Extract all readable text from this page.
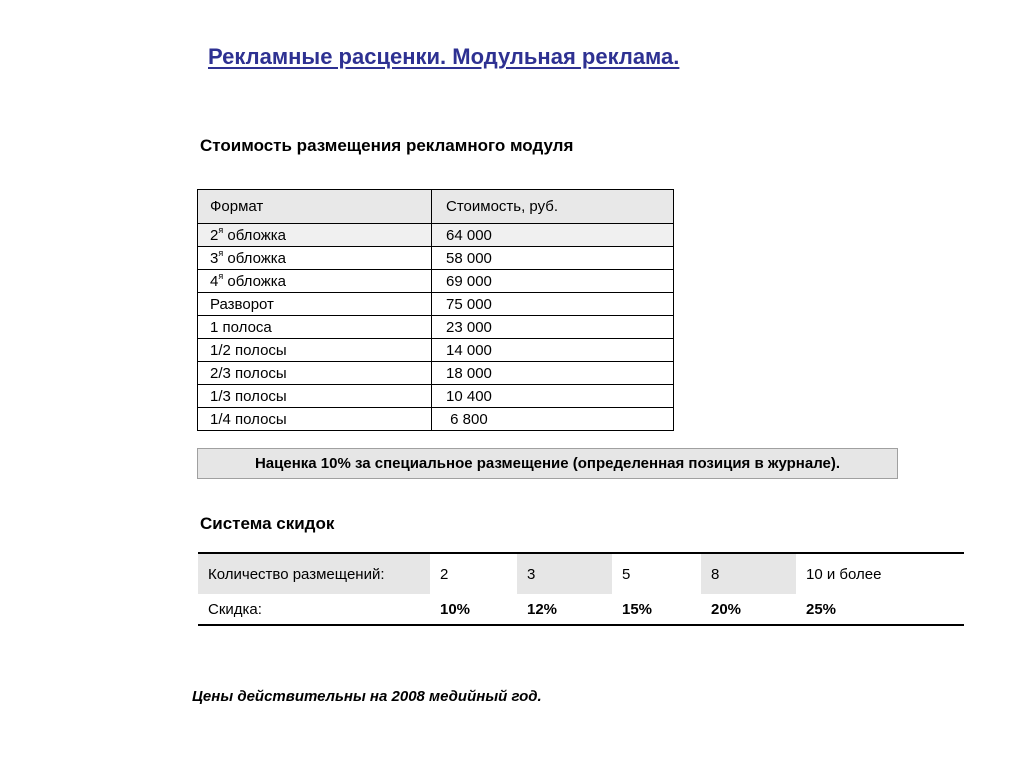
Рекламные расценки. Модульная реклама.
Стоимость размещения рекламного модуля
Формат	Стоимость, руб.
$2^я$ обложка	64 000
$3^я$ обложка	58 000
$4^я$ обложка	69 000
Разворот	75 000
1 полоса	23 000
1/2 полосы	14 000
2/3 полосы	18 000
1/3 полосы	10 400
1/4 полосы	6 800
Наценка 10% за специальное размещение (определенная позиция в журнале).
Система скидок
Количество размещений:	2	3	5	8	10 и более
Скидка:	10%	12%	15%	20%	25%
Цены действительны на 2008 медийный год.
